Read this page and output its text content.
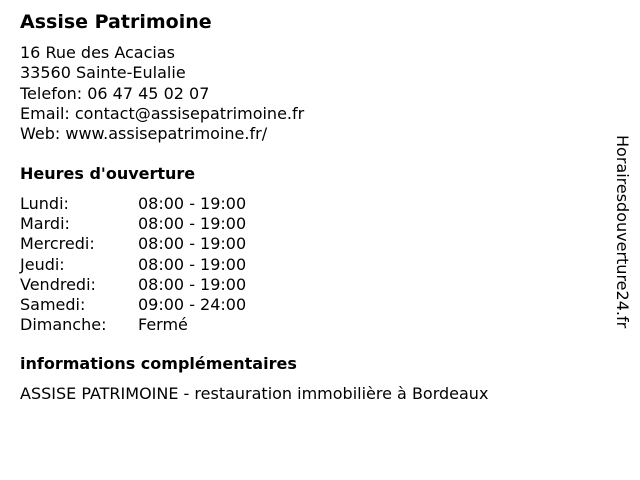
Assise Patrimoine
16 Rue des Acacias
33560 Sainte-Eulalie
Telefon: 06 47 45 02 07
Email: contact@assisepatrimoine.fr
Web: www.assisepatrimoine.fr/
Heures d'ouverture
Lundi:	08:00 - 19:00
Mardi:	08:00 - 19:00
Mercredi:	08:00 - 19:00
Jeudi:	08:00 - 19:00
Vendredi:	08:00 - 19:00
Samedi:	09:00 - 24:00
Dimanche:	Fermé
informations complémentaires
ASSISE PATRIMOINE - restauration immobilière à Bordeaux
Horairesdouverture24.fr
